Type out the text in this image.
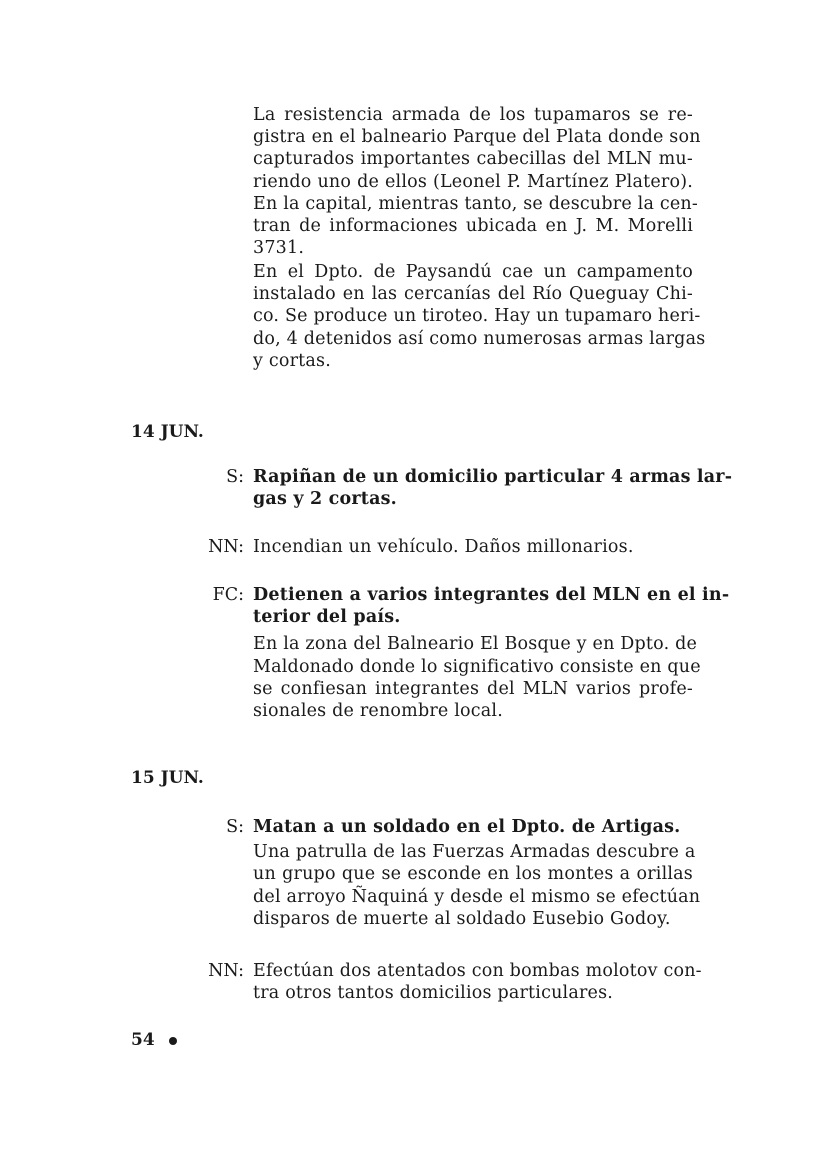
La resistencia armada de los tupamaros se re-
gistra en el balneario Parque del Plata donde son
capturados importantes cabecillas del MLN mu-
riendo uno de ellos (Leonel P. Martínez Platero).
En la capital, mientras tanto, se descubre la cen-
tran de informaciones ubicada en J. M. Morelli
3731.
En el Dpto. de Paysandú cae un campamento
instalado en las cercanías del Río Queguay Chi-
co. Se produce un tiroteo. Hay un tupamaro heri-
do, 4 detenidos así como numerosas armas largas
y cortas.
14 JUN.
S: Rapiñan de un domicilio particular 4 armas lar-
gas y 2 cortas.
NN: Incendian un vehículo. Daños millonarios.
FC: Detienen a varios integrantes del MLN en el in-
terior del país.
En la zona del Balneario El Bosque y en Dpto. de
Maldonado donde lo significativo consiste en que
se confiesan integrantes del MLN varios profe-
sionales de renombre local.
15 JUN.
S: Matan a un soldado en el Dpto. de Artigas.
Una patrulla de las Fuerzas Armadas descubre a
un grupo que se esconde en los montes a orillas
del arroyo Ñaquiná y desde el mismo se efectúan
disparos de muerte al soldado Eusebio Godoy.
NN: Efectúan dos atentados con bombas molotov con-
tra otros tantos domicilios particulares.
54
